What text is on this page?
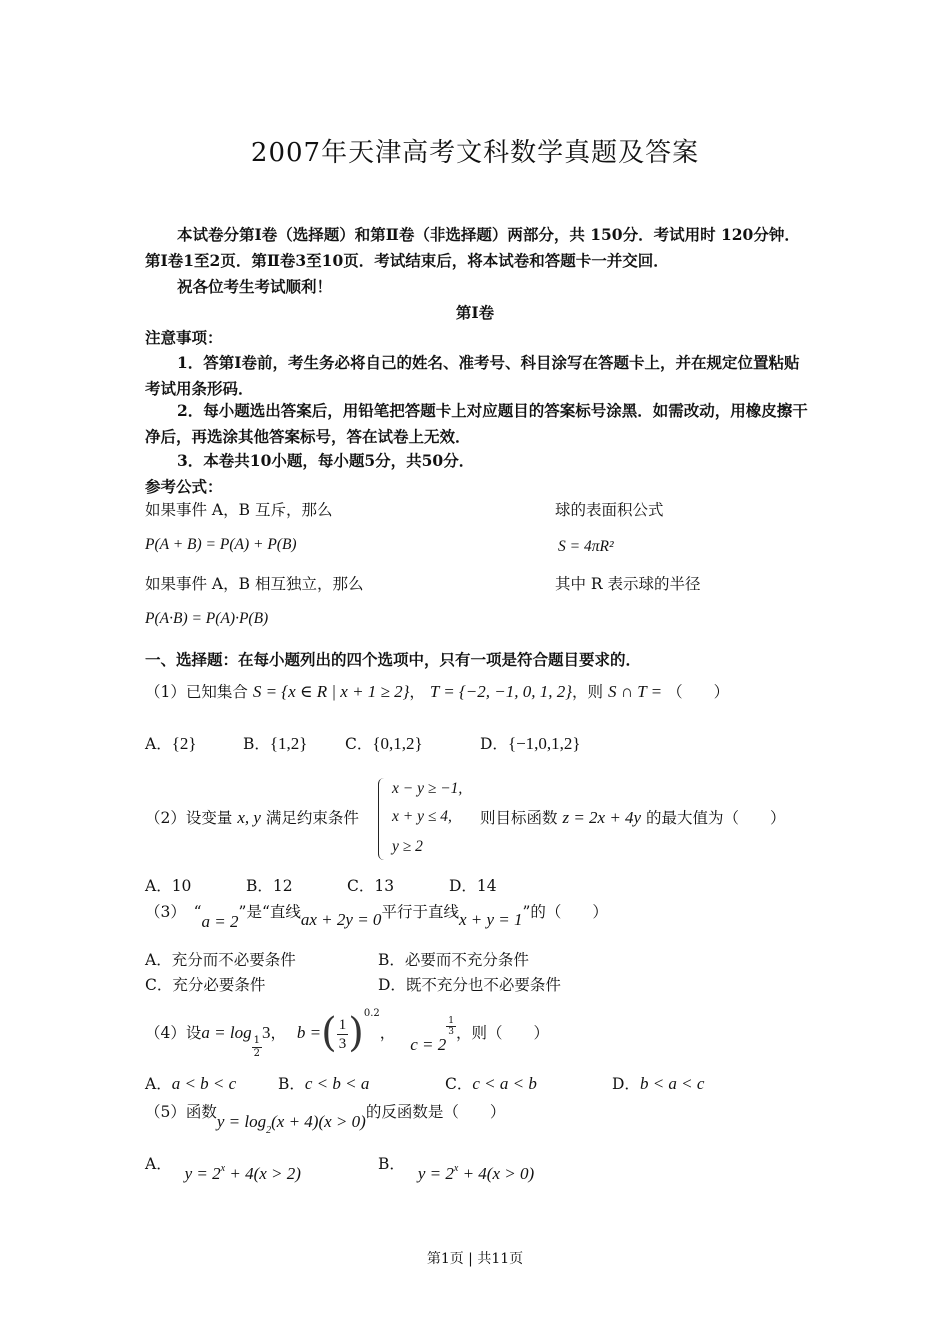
2007年天津高考文科数学真题及答案
本试卷分第Ⅰ卷（选择题）和第Ⅱ卷（非选择题）两部分，共 150分．考试用时 120分钟．第Ⅰ卷1至2页．第Ⅱ卷3至10页．考试结束后，将本试卷和答题卡一并交回．
祝各位考生考试顺利！
第Ⅰ卷
注意事项：
1．答第Ⅰ卷前，考生务必将自己的姓名、准考号、科目涂写在答题卡上，并在规定位置粘贴考试用条形码．
2．每小题选出答案后，用铅笔把答题卡上对应题目的答案标号涂黑．如需改动，用橡皮擦干净后，再选涂其他答案标号，答在试卷上无效．
3．本卷共10小题，每小题5分，共50分．
参考公式：
如果事件 A，B 互斥，那么
P(A + B) = P(A) + P(B)
如果事件 A，B 相互独立，那么
P(A·B) = P(A)·P(B)
球的表面积公式
S = 4πR²
其中 R 表示球的半径
一、选择题：在每小题列出的四个选项中，只有一项是符合题目要求的．
（1）已知集合 S = {x ∈ R | x + 1 ≥ 2}， T = {−2, −1, 0, 1, 2}，则 S ∩ T = （　　）
A．{2}	B．{1,2} C．{0,1,2}	D．{−1,0,1,2}
（2）设变量 x, y 满足约束条件
x − y ≥ −1,
x + y ≤ 4,
y ≥ 2
则目标函数 z = 2x + 4y 的最大值为（　　）
A．10	B．12	C．13	D．14
（3）　“a = 2”是“直线ax + 2y = 0平行于直线x + y = 1”的（　　）
A．充分而不必要条件	B．必要而不充分条件
C．充分必要条件	D．既不充分也不必要条件
（4）设a = log
$\frac{1}{2}$
3， b =( $\frac{1}{3} )^{0.2}$， c = 2
$\frac{1}{3}$ ，则（　　）
A．a < b < c	B．c < b < a	C．c < a < b	D．b < a < c
（5）函数$y = \log_2(x + 4)(x > 0)$的反函数是（　　）
A． $y = 2^x + 4(x > 2)$	B． $y = 2^x + 4(x > 0)$
第1页 | 共11页
